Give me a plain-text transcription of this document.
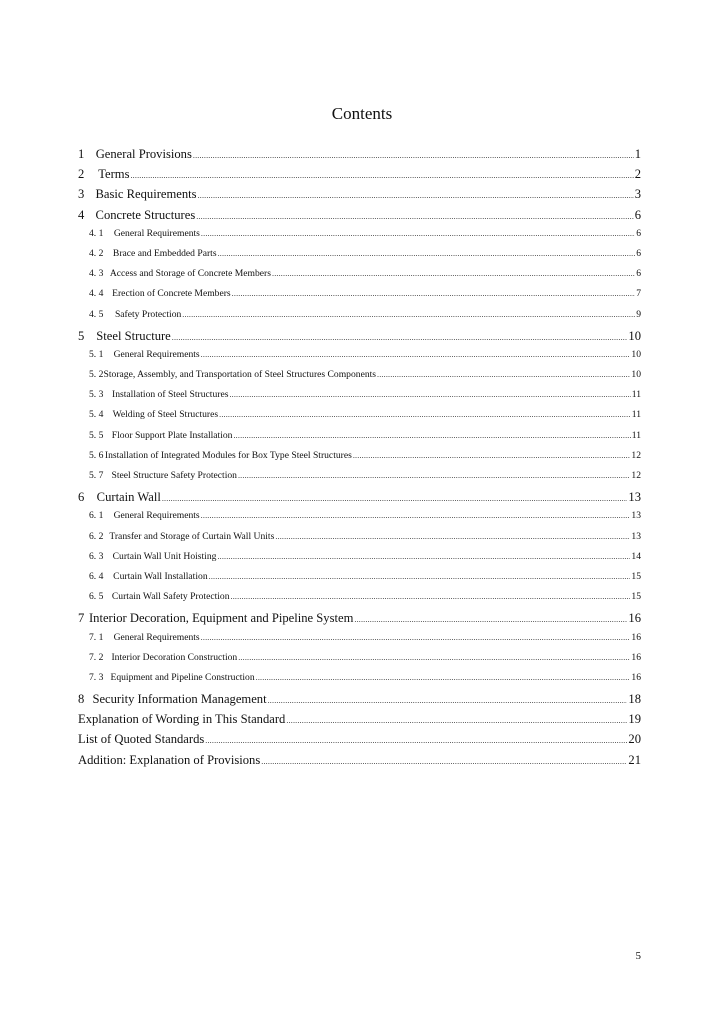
Contents
1 General Provisions .....	1
2	Terms .....	2
3 Basic Requirements .....	3
4 Concrete Structures .....	6
4. 1	General Requirements .....	6
4. 2 Brace and Embedded Parts .....	6
4. 3 Access and Storage of Concrete Members .....	6
4. 4 Erection of Concrete Members .....	7
4. 5	Safety Protection .....	9
5 Steel Structure .....	10
5. 1	General Requirements .....	10
5. 2 Storage, Assembly, and Transportation of Steel Structures Components .....	10
5. 3 Installation of Steel Structures .....	11
5. 4 Welding of Steel Structures .....	11
5. 5 Floor Support Plate Installation .....	11
5. 6 Installation of Integrated Modules for Box Type Steel Structures .....	12
5. 7 Steel Structure Safety Protection .....	12
6 Curtain Wall .....	13
6. 1	General Requirements .....	13
6. 2 Transfer and Storage of Curtain Wall Units .....	13
6. 3 Curtain Wall Unit Hoisting .....	14
6. 4	Curtain Wall Installation .....	15
6. 5 Curtain Wall Safety Protection .....	15
7 Interior Decoration, Equipment and Pipeline System .....	16
7. 1	General Requirements .....	16
7. 2 Interior Decoration Construction .....	16
7. 3 Equipment and Pipeline Construction .....	16
8 Security Information Management .....	18
Explanation of Wording in This Standard .....	19
List of Quoted Standards .....	20
Addition: Explanation of Provisions .....	21
5
